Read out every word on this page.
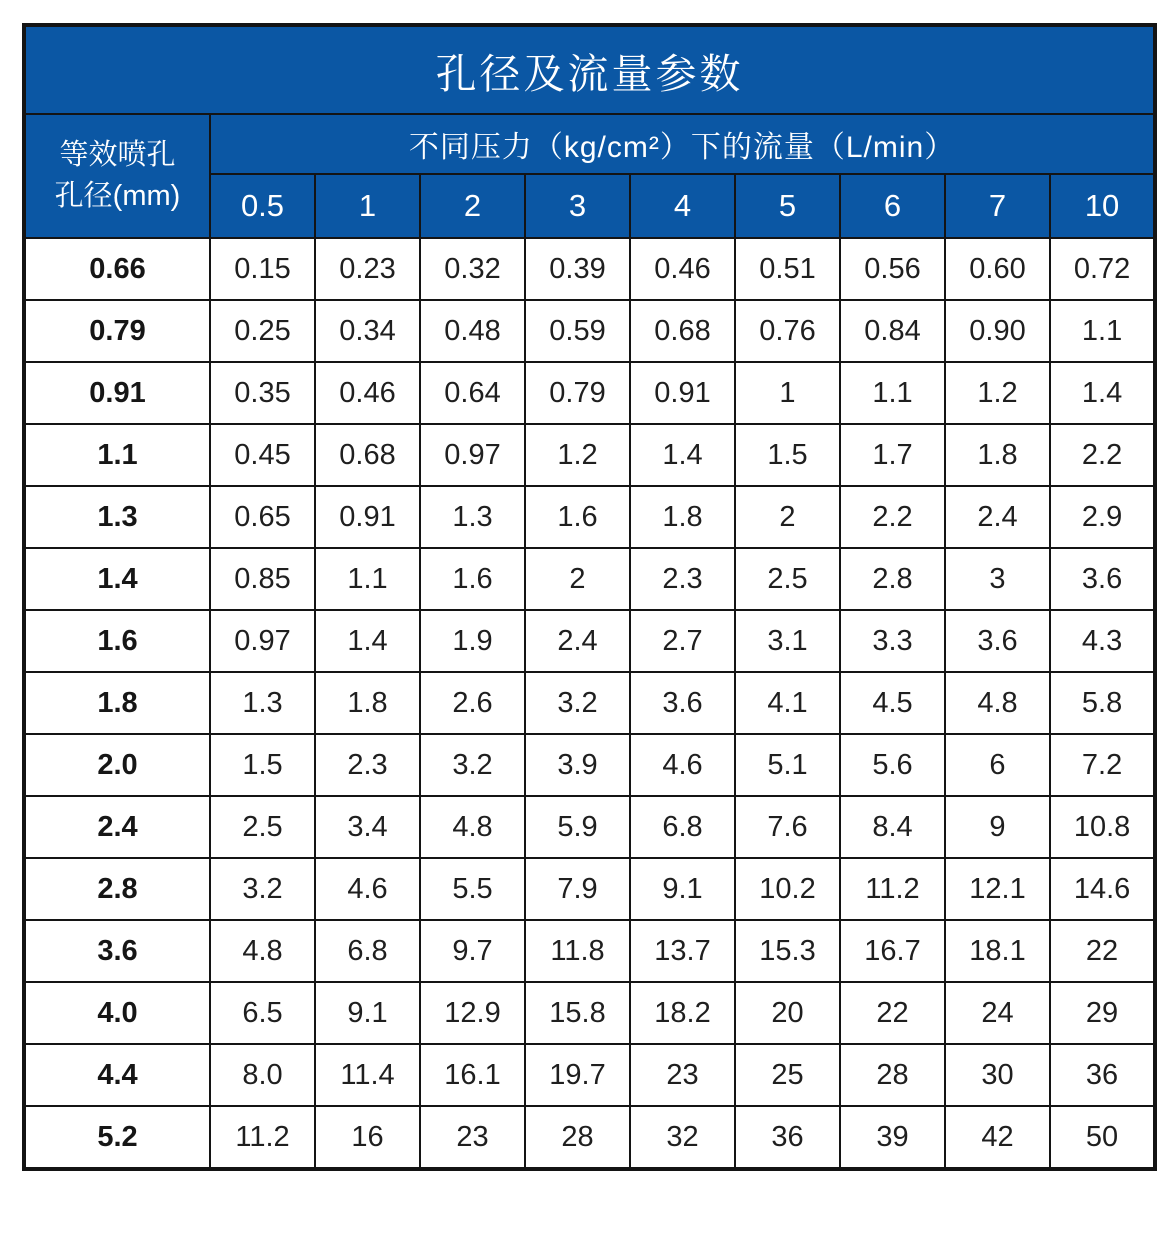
孔径及流量参数									
等效喷孔
孔径(mm)	不同压力（kg/cm²）下的流量（L/min）								
	0.5	1	2	3	4	5	6	7	10
0.66	0.15	0.23	0.32	0.39	0.46	0.51	0.56	0.60	0.72
0.79	0.25	0.34	0.48	0.59	0.68	0.76	0.84	0.90	1.1
0.91	0.35	0.46	0.64	0.79	0.91	1	1.1	1.2	1.4
1.1	0.45	0.68	0.97	1.2	1.4	1.5	1.7	1.8	2.2
1.3	0.65	0.91	1.3	1.6	1.8	2	2.2	2.4	2.9
1.4	0.85	1.1	1.6	2	2.3	2.5	2.8	3	3.6
1.6	0.97	1.4	1.9	2.4	2.7	3.1	3.3	3.6	4.3
1.8	1.3	1.8	2.6	3.2	3.6	4.1	4.5	4.8	5.8
2.0	1.5	2.3	3.2	3.9	4.6	5.1	5.6	6	7.2
2.4	2.5	3.4	4.8	5.9	6.8	7.6	8.4	9	10.8
2.8	3.2	4.6	5.5	7.9	9.1	10.2	11.2	12.1	14.6
3.6	4.8	6.8	9.7	11.8	13.7	15.3	16.7	18.1	22
4.0	6.5	9.1	12.9	15.8	18.2	20	22	24	29
4.4	8.0	11.4	16.1	19.7	23	25	28	30	36
5.2	11.2	16	23	28	32	36	39	42	50
